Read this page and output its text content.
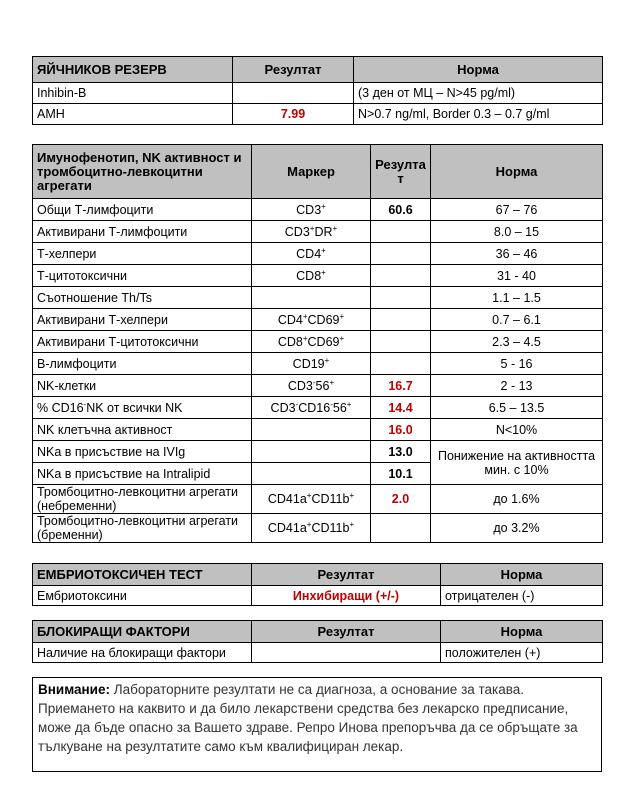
ЯЙЧНИКОВ РЕЗЕРВ	Резултат	Норма
Inhibin-B		(3 ден от МЦ – N>45 pg/ml)
AMH	7.99	N>0.7 ng/ml, Border 0.3 – 0.7 g/ml
Имунофенотип, NK активност и тромбоцитно-левкоцитни агрегати	Маркер	Резултат	Норма
Общи Т-лимфоцити	CD3+	60.6	67 – 76
Активирани Т-лимфоцити	CD3+DR+		8.0 – 15
Т-хелпери	CD4+		36 – 46
Т-цитотоксични	CD8+		31 - 40
Съотношение Th/Ts			1.1 – 1.5
Активирани Т-хелпери	CD4+CD69+		0.7 – 6.1
Активирани Т-цитотоксични	CD8+CD69+		2.3 – 4.5
В-лимфоцити	CD19+		5 - 16
NK-клетки	CD3-56+	16.7	2 - 13
% CD16-NK от всички NK	CD3-CD16-56+	14.4	6.5 – 13.5
NK клетъчна активност		16.0	N<10%
NKa в присъствие на IVIg		13.0	Понижение на активността мин. с 10%
NKa в присъствие на Intralipid		10.1	
Тромбоцитно-левкоцитни агрегати (небременни)	CD41a+CD11b+	2.0	до 1.6%
Тромбоцитно-левкоцитни агрегати (бременни)	CD41a+CD11b+		до 3.2%
ЕМБРИОТОКСИЧЕН ТЕСТ	Резултат	Норма
Ембриотоксини	Инхибиращи (+/-)	отрицателен (-)
БЛОКИРАЩИ ФАКТОРИ	Резултат	Норма
Наличие на блокиращи фактори		положителен (+)
Внимание: Лабораторните резултати не са диагноза, а основание за такава. Приемането на каквито и да било лекарствени средства без лекарско предписание, може да бъде опасно за Вашето здраве. Репро Инова препоръчва да се обръщате за тълкуване на резултатите само към квалифициран лекар.
